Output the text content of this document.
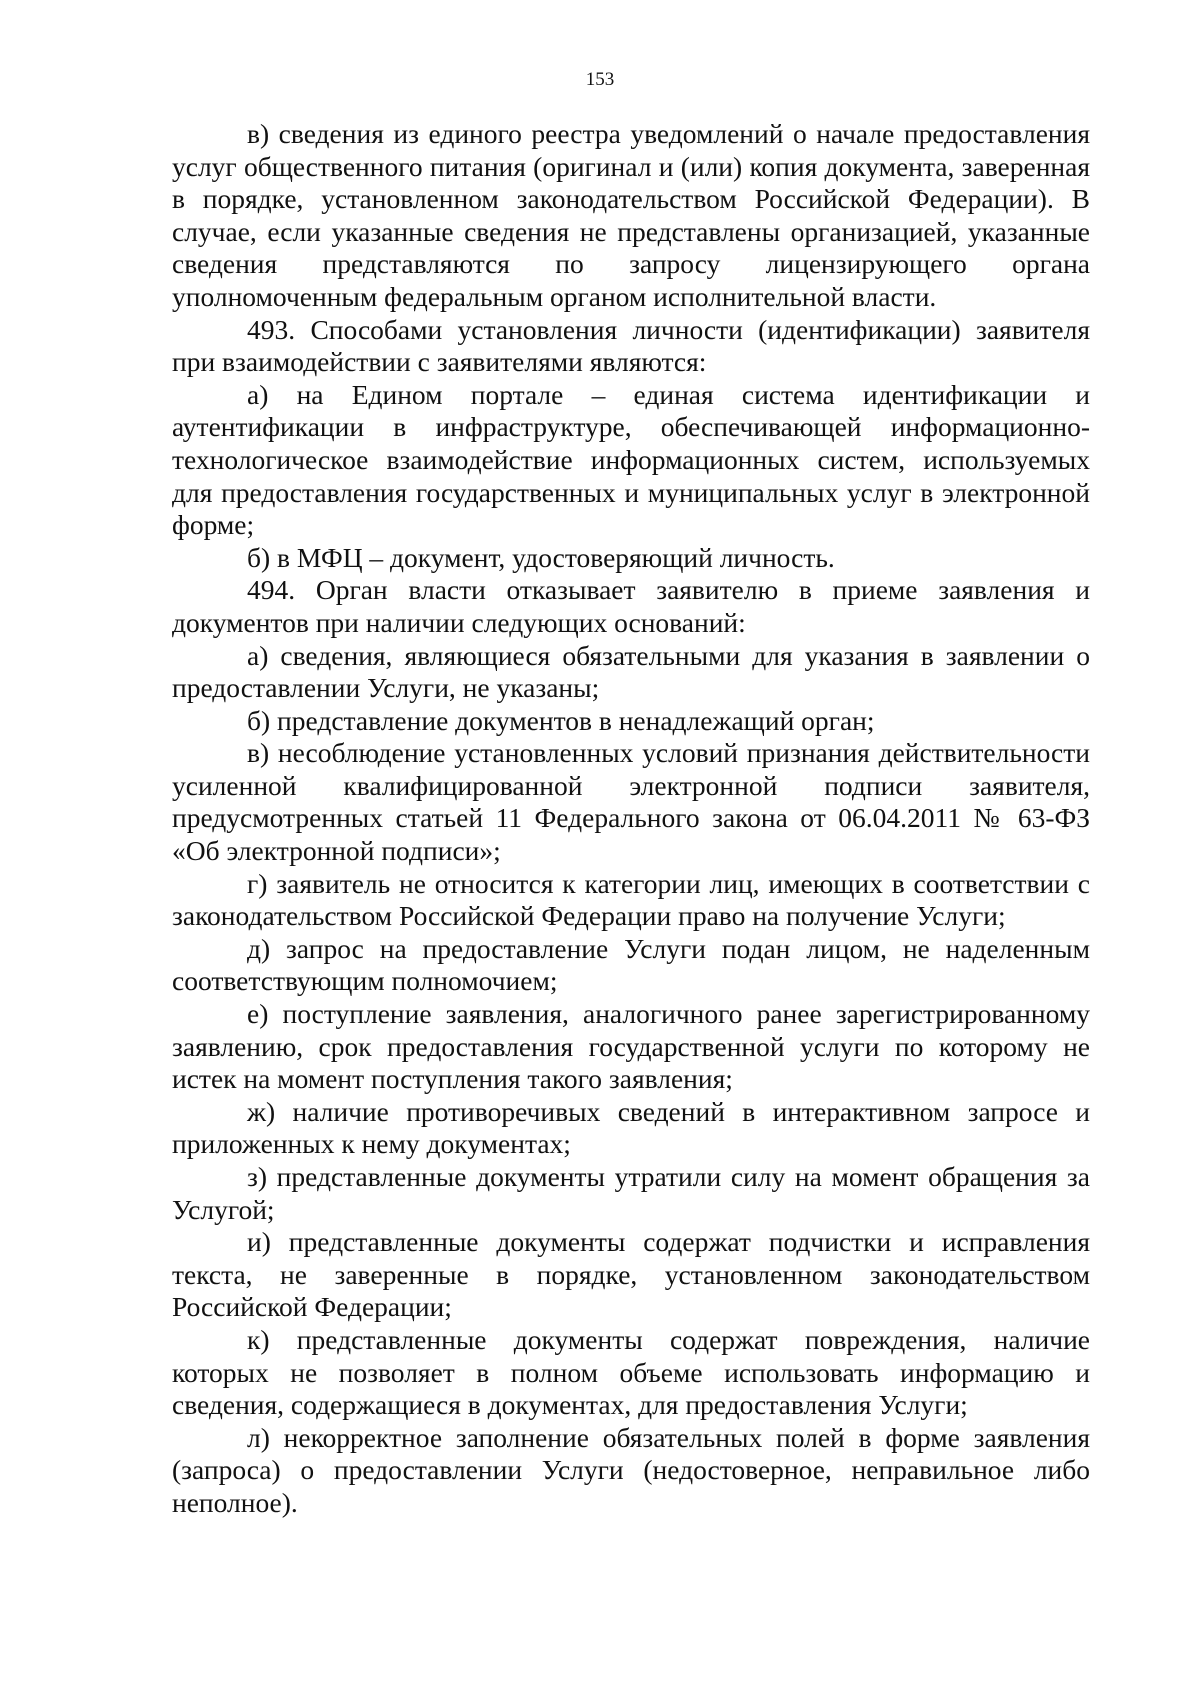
153

в) сведения из единого реестра уведомлений о начале предоставления услуг общественного питания (оригинал и (или) копия документа, заверенная в порядке, установленном законодательством Российской Федерации). В случае, если указанные сведения не представлены организацией, указанные сведения представляются по запросу лицензирующего органа уполномоченным федеральным органом исполнительной власти.

493. Способами установления личности (идентификации) заявителя при взаимодействии с заявителями являются:

а) на Едином портале – единая система идентификации и аутентификации в инфраструктуре, обеспечивающей информационно-технологическое взаимодействие информационных систем, используемых для предоставления государственных и муниципальных услуг в электронной форме;

б) в МФЦ – документ, удостоверяющий личность.

494. Орган власти отказывает заявителю в приеме заявления и документов при наличии следующих оснований:

а) сведения, являющиеся обязательными для указания в заявлении о предоставлении Услуги, не указаны;

б) представление документов в ненадлежащий орган;

в) несоблюдение установленных условий признания действительности усиленной квалифицированной электронной подписи заявителя, предусмотренных статьей 11 Федерального закона от 06.04.2011 № 63-ФЗ «Об электронной подписи»;

г) заявитель не относится к категории лиц, имеющих в соответствии с законодательством Российской Федерации право на получение Услуги;

д) запрос на предоставление Услуги подан лицом, не наделенным соответствующим полномочием;

е) поступление заявления, аналогичного ранее зарегистрированному заявлению, срок предоставления государственной услуги по которому не истек на момент поступления такого заявления;

ж) наличие противоречивых сведений в интерактивном запросе и приложенных к нему документах;

з) представленные документы утратили силу на момент обращения за Услугой;

и) представленные документы содержат подчистки и исправления текста, не заверенные в порядке, установленном законодательством Российской Федерации;

к) представленные документы содержат повреждения, наличие которых не позволяет в полном объеме использовать информацию и сведения, содержащиеся в документах, для предоставления Услуги;

л) некорректное заполнение обязательных полей в форме заявления (запроса) о предоставлении Услуги (недостоверное, неправильное либо неполное).
